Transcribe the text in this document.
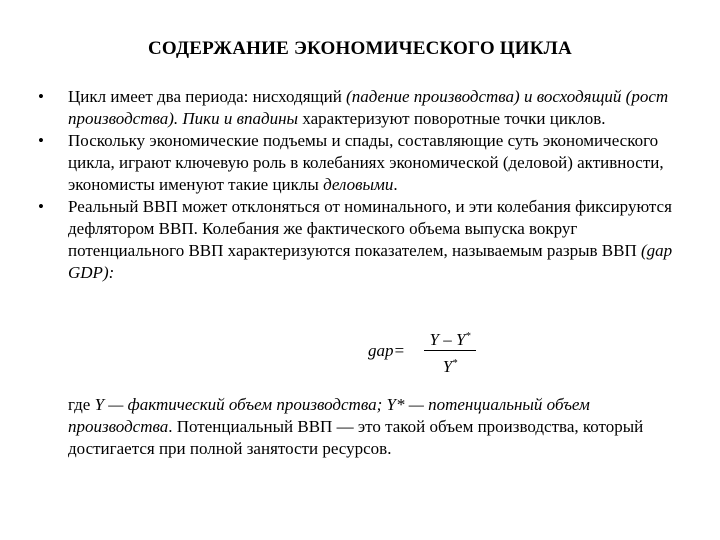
СОДЕРЖАНИЕ ЭКОНОМИЧЕСКОГО ЦИКЛА
• Цикл имеет два периода: нисходящий (падение производства) и восходящий (рост производства). Пики и впадины характеризуют поворотные точки циклов.
• Поскольку экономические подъемы и спады, составляющие суть экономического цикла, играют ключевую роль в колебаниях экономической (деловой) активности, экономисты именуют такие циклы деловыми.
• Реальный ВВП может отклоняться от номинального, и эти колебания фиксируются дефлятором ВВП. Колебания же фактического объема выпуска вокруг потенциального ВВП характеризуются показателем, называемым разрыв ВВП (gap GDP):
gap=
Y – Y*
Y*
где Y — фактический объем производства; Y* — потенциальный объем производства. Потенциальный ВВП — это такой объем производства, который достигается при полной занятости ресурсов.
